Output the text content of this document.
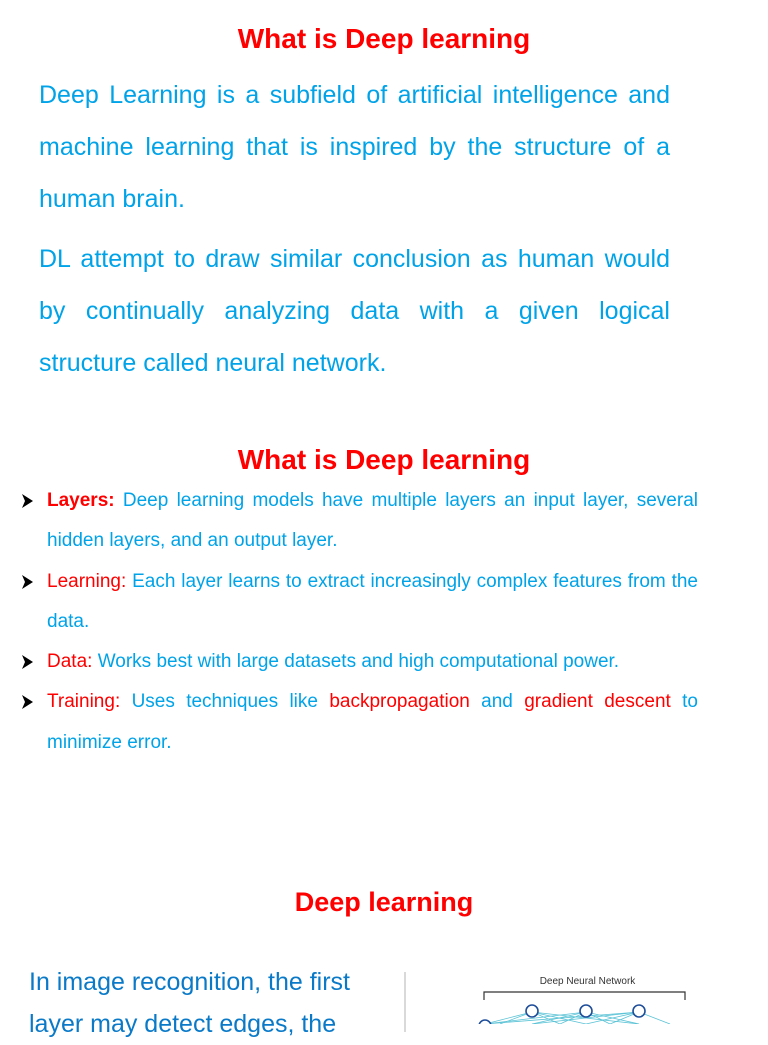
What is Deep learning

Deep Learning is a subfield of artificial intelligence and machine learning that is inspired by the structure of a human brain.

DL attempt to draw similar conclusion as human would by continually analyzing data with a given logical structure called neural network.

What is Deep learning
Layers: Deep learning models have multiple layers an input layer, several hidden layers, and an output layer.
Learning: Each layer learns to extract increasingly complex features from the data.
Data: Works best with large datasets and high computational power.
Training: Uses techniques like backpropagation and gradient descent to minimize error.
Deep learning

In image recognition, the first layer may detect edges, the

Deep Neural Network
